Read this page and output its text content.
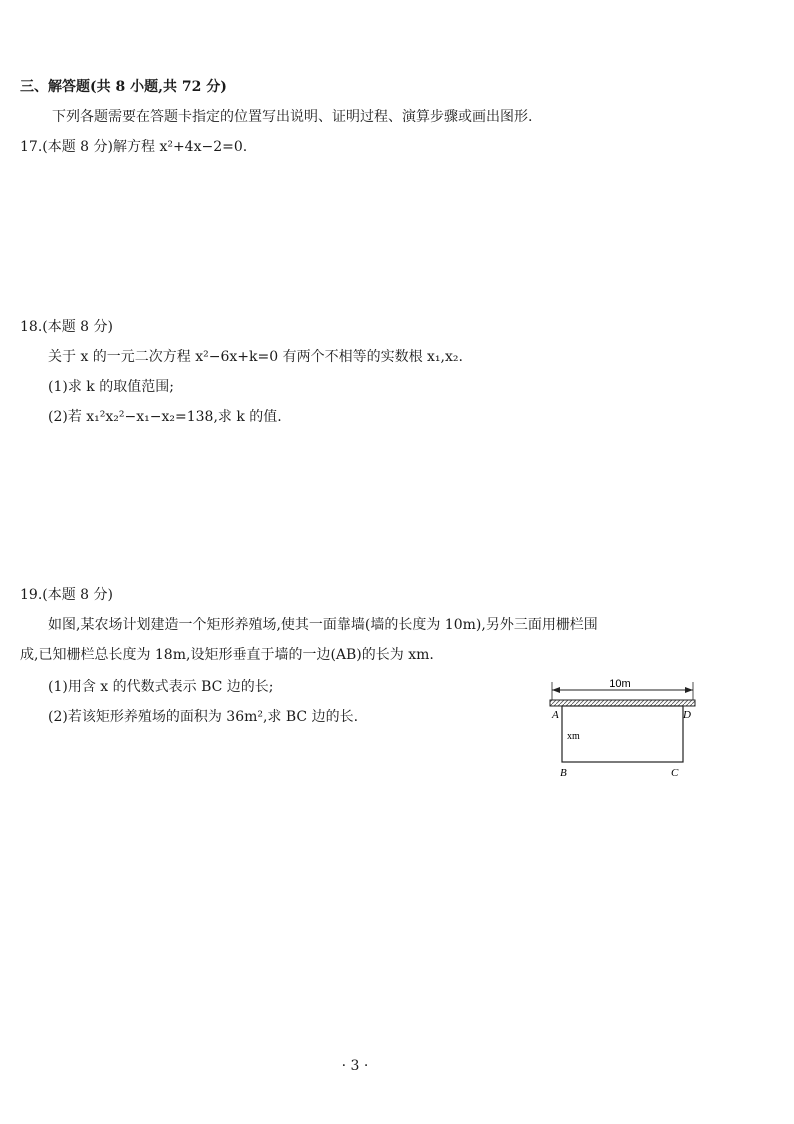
三、解答题(共 8 小题,共 72 分)
下列各题需要在答题卡指定的位置写出说明、证明过程、演算步骤或画出图形.
17.(本题 8 分)解方程 x²+4x−2=0.
18.(本题 8 分)
关于 x 的一元二次方程 x²−6x+k=0 有两个不相等的实数根 x₁,x₂.
(1)求 k 的取值范围;
(2)若 x₁²x₂²−x₁−x₂=138,求 k 的值.
19.(本题 8 分)
如图,某农场计划建造一个矩形养殖场,使其一面靠墙(墙的长度为 10m),另外三面用栅栏围
成,已知栅栏总长度为 18m,设矩形垂直于墙的一边(AB)的长为 xm.
(1)用含 x 的代数式表示 BC 边的长;
(2)若该矩形养殖场的面积为 36m²,求 BC 边的长.
10m
A	D
B	C
xm
· 3 ·
